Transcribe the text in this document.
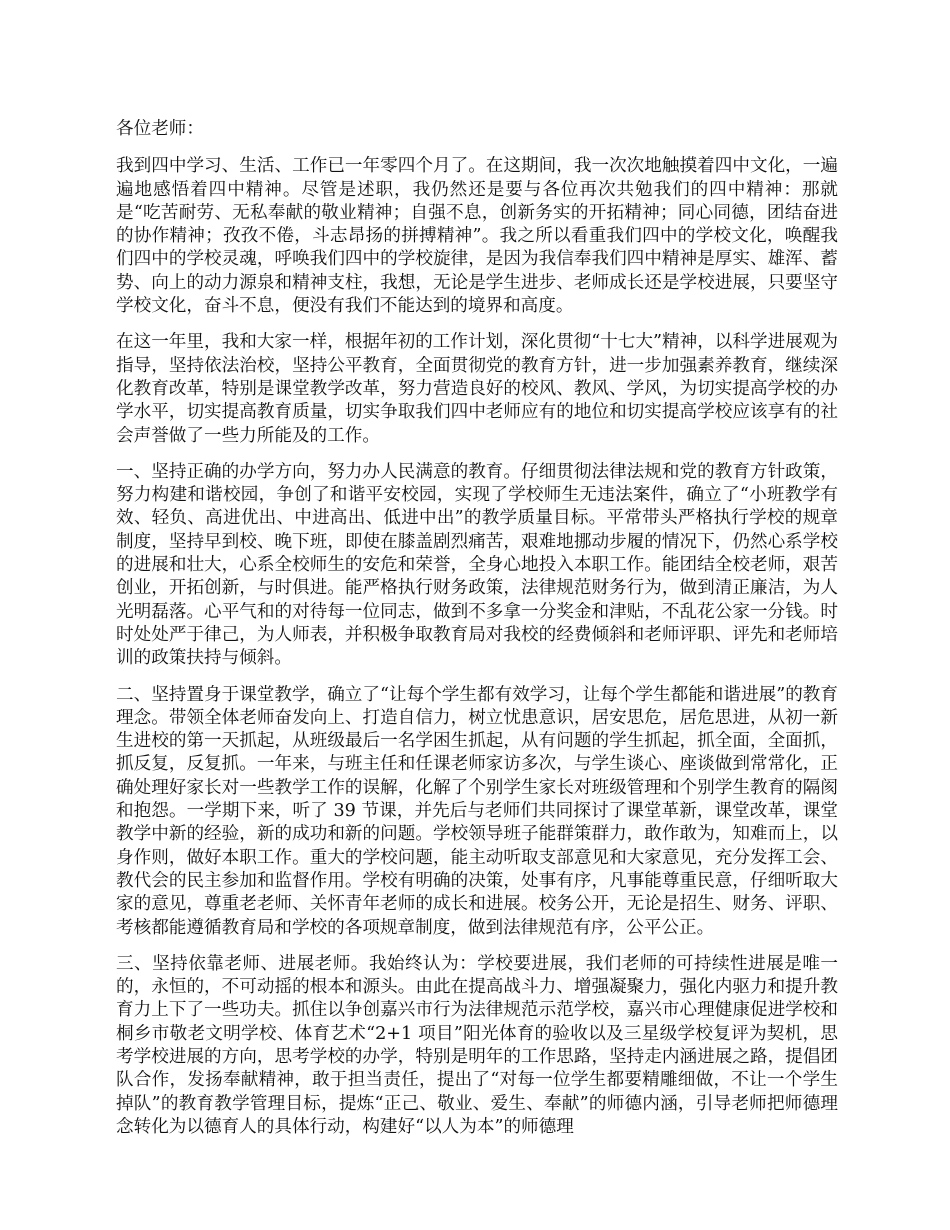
各位老师：

我到四中学习、生活、工作已一年零四个月了。在这期间，我一次次地触摸着四中文化，一遍遍地感悟着四中精神。尽管是述职，我仍然还是要与各位再次共勉我们的四中精神：那就是“吃苦耐劳、无私奉献的敬业精神；自强不息，创新务实的开拓精神；同心同德，团结奋进的协作精神；孜孜不倦，斗志昂扬的拼搏精神”。我之所以看重我们四中的学校文化，唤醒我们四中的学校灵魂，呼唤我们四中的学校旋律，是因为我信奉我们四中精神是厚实、雄浑、蓄势、向上的动力源泉和精神支柱，我想，无论是学生进步、老师成长还是学校进展，只要坚守学校文化，奋斗不息，便没有我们不能达到的境界和高度。

在这一年里，我和大家一样，根据年初的工作计划，深化贯彻“十七大”精神，以科学进展观为指导，坚持依法治校，坚持公平教育，全面贯彻党的教育方针，进一步加强素养教育，继续深化教育改革，特别是课堂教学改革，努力营造良好的校风、教风、学风，为切实提高学校的办学水平，切实提高教育质量，切实争取我们四中老师应有的地位和切实提高学校应该享有的社会声誉做了一些力所能及的工作。

一、坚持正确的办学方向，努力办人民满意的教育。仔细贯彻法律法规和党的教育方针政策，努力构建和谐校园，争创了和谐平安校园，实现了学校师生无违法案件，确立了“小班教学有效、轻负、高进优出、中进高出、低进中出”的教学质量目标。平常带头严格执行学校的规章制度，坚持早到校、晚下班，即使在膝盖剧烈痛苦，艰难地挪动步履的情况下，仍然心系学校的进展和壮大，心系全校师生的安危和荣誉，全身心地投入本职工作。能团结全校老师，艰苦创业，开拓创新，与时俱进。能严格执行财务政策，法律规范财务行为，做到清正廉洁，为人光明磊落。心平气和的对待每一位同志，做到不多拿一分奖金和津贴，不乱花公家一分钱。时时处处严于律己，为人师表，并积极争取教育局对我校的经费倾斜和老师评职、评先和老师培训的政策扶持与倾斜。

二、坚持置身于课堂教学，确立了“让每个学生都有效学习，让每个学生都能和谐进展”的教育理念。带领全体老师奋发向上、打造自信力，树立忧患意识，居安思危，居危思进，从初一新生进校的第一天抓起，从班级最后一名学困生抓起，从有问题的学生抓起，抓全面，全面抓，抓反复，反复抓。一年来，与班主任和任课老师家访多次，与学生谈心、座谈做到常常化，正确处理好家长对一些教学工作的误解，化解了个别学生家长对班级管理和个别学生教育的隔阂和抱怨。一学期下来，听了 39 节课，并先后与老师们共同探讨了课堂革新，课堂改革，课堂教学中新的经验，新的成功和新的问题。学校领导班子能群策群力，敢作敢为，知难而上，以身作则，做好本职工作。重大的学校问题，能主动听取支部意见和大家意见，充分发挥工会、教代会的民主参加和监督作用。学校有明确的决策，处事有序，凡事能尊重民意，仔细听取大家的意见，尊重老老师、关怀青年老师的成长和进展。校务公开，无论是招生、财务、评职、考核都能遵循教育局和学校的各项规章制度，做到法律规范有序，公平公正。

三、坚持依靠老师、进展老师。我始终认为：学校要进展，我们老师的可持续性进展是唯一的，永恒的，不可动摇的根本和源头。由此在提高战斗力、增强凝聚力，强化内驱力和提升教育力上下了一些功夫。抓住以争创嘉兴市行为法律规范示范学校，嘉兴市心理健康促进学校和桐乡市敬老文明学校、体育艺术“2+1 项目”阳光体育的验收以及三星级学校复评为契机，思考学校进展的方向，思考学校的办学，特别是明年的工作思路，坚持走内涵进展之路，提倡团队合作，发扬奉献精神，敢于担当责任，提出了“对每一位学生都要精雕细做，不让一个学生掉队”的教育教学管理目标，提炼“正己、敬业、爱生、奉献”的师德内涵，引导老师把师德理念转化为以德育人的具体行动，构建好“以人为本”的师德理
